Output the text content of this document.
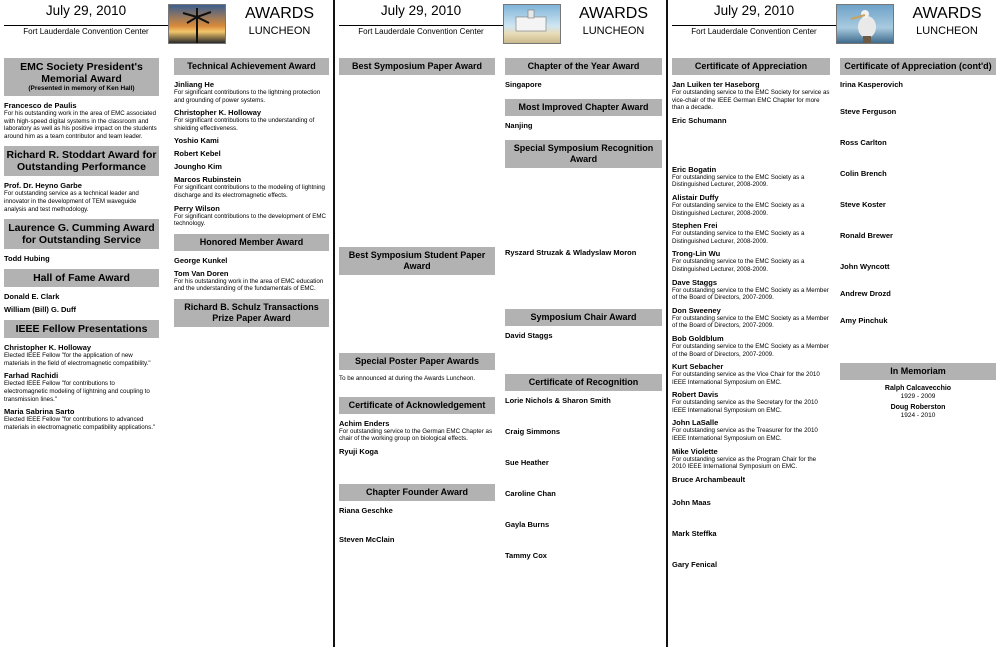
July 29, 2010
Fort Lauderdale Convention Center
AWARDS
LUNCHEON
EMC Society President's Memorial Award
(Presented in memory of Ken Hall)
Francesco de Paulis
For his outstanding work in the area of EMC associated with high-speed digital systems in the classroom and laboratory as well as his positive impact on the students around him as a team contributor and team leader.
Richard R. Stoddart Award for Outstanding Performance
Prof. Dr. Heyno Garbe
For outstanding service as a technical leader and innovator in the development of TEM waveguide analysis and test methodology.
Laurence G. Cumming Award for Outstanding Service
Todd Hubing
Hall of Fame Award
Donald E. Clark
William (Bill) G. Duff
IEEE Fellow Presentations
Christopher K. Holloway
Elected IEEE Fellow "for the application of new materials in the field of electromagnetic compatibility."
Farhad Rachidi
Elected IEEE Fellow "for contributions to electromagnetic modeling of lightning and coupling to transmission lines."
Maria Sabrina Sarto
Elected IEEE Fellow "for contributions to advanced materials in electromagnetic compatibility applications."
Technical Achievement Award
Jinliang He
For significant contributions to the lightning protection and grounding of power systems.
Christopher K. Holloway
For significant contributions to the understanding of shielding effectiveness.
Yoshio Kami
Robert Kebel
Joungho Kim
Marcos Rubinstein
For significant contributions to the modeling of lightning discharge and its electromagnetic effects.
Perry Wilson
For significant contributions to the development of EMC technology.
Honored Member Award
George Kunkel
Tom Van Doren
For his outstanding work in the area of EMC education and the understanding of the fundamentals of EMC.
Richard B. Schulz Transactions Prize Paper Award
July 29, 2010
Fort Lauderdale Convention Center
AWARDS
LUNCHEON
Best Symposium Paper Award
Best Symposium Student Paper Award
Special Poster Paper Awards
To be announced at during the Awards Luncheon.
Certificate of Acknowledgement
Achim Enders
For outstanding service to the German EMC Chapter as chair of the working group on biological effects.
Ryuji Koga
Chapter Founder Award
Riana Geschke
Steven McClain
Chapter of the Year Award
Singapore
Most Improved Chapter Award
Nanjing
Special Symposium Recognition Award
Ryszard Struzak & Wladyslaw Moron
Symposium Chair Award
David Staggs
Certificate of Recognition
Lorie Nichols & Sharon Smith
Craig Simmons
Sue Heather
Caroline Chan
Gayla Burns
Tammy Cox
July 29, 2010
Fort Lauderdale Convention Center
AWARDS
LUNCHEON
Certificate of Appreciation
Jan Luiken ter Haseborg
For outstanding service to the EMC Society for service as vice-chair of the IEEE German EMC Chapter for more than a decade.
Eric Schumann
Eric Bogatin
For outstanding service to the EMC Society as a Distinguished Lecturer, 2008-2009.
Alistair Duffy
For outstanding service to the EMC Society as a Distinguished Lecturer, 2008-2009.
Stephen Frei
For outstanding service to the EMC Society as a Distinguished Lecturer, 2008-2009.
Trong-Lin Wu
For outstanding service to the EMC Society as a Distinguished Lecturer, 2008-2009.
Dave Staggs
For outstanding service to the EMC Society as a Member of the Board of Directors, 2007-2009.
Don Sweeney
For outstanding service to the EMC Society as a Member of the Board of Directors, 2007-2009.
Bob Goldblum
For outstanding service to the EMC Society as a Member of the Board of Directors, 2007-2009.
Kurt Sebacher
For outstanding service as the Vice Chair for the 2010 IEEE International Symposium on EMC.
Robert Davis
For outstanding service as the Secretary for the 2010 IEEE International Symposium on EMC.
John LaSalle
For outstanding service as the Treasurer for the 2010 IEEE International Symposium on EMC.
Mike Violette
For outstanding service as the Program Chair for the 2010 IEEE International Symposium on EMC.
Bruce Archambeault
John Maas
Mark Steffka
Gary Fenical
Certificate of Appreciation (cont'd)
Irina Kasperovich
Steve Ferguson
Ross Carlton
Colin Brench
Steve Koster
Ronald Brewer
John Wyncott
Andrew Drozd
Amy Pinchuk
In Memoriam
Ralph Calcavecchio
1929 - 2009
Doug Roberston
1924 - 2010
